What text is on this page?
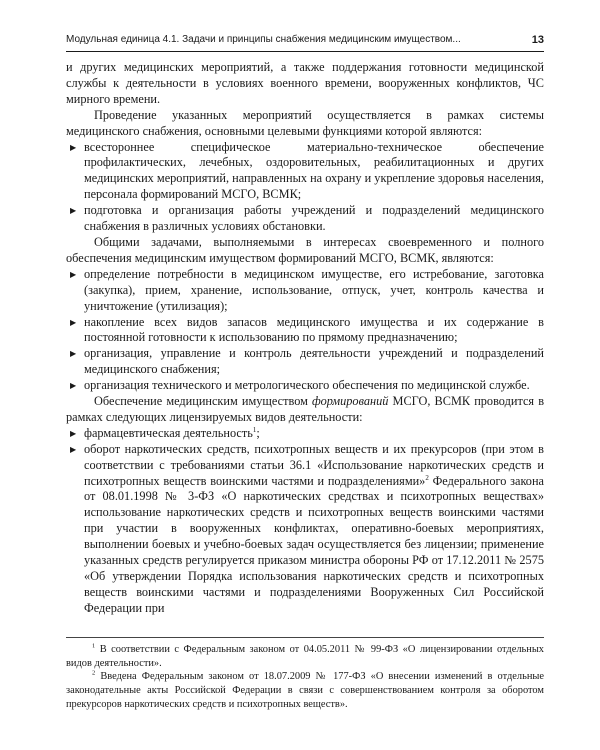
Модульная единица 4.1. Задачи и принципы снабжения медицинским имуществом...	13

и других медицинских мероприятий, а также поддержания готовности медицинской службы к деятельности в условиях военного времени, вооруженных конфликтов, ЧС мирного времени.

Проведение указанных мероприятий осуществляется в рамках системы медицинского снабжения, основными целевыми функциями которой являются:

▶
всестороннее специфическое материально-техническое обеспечение профилактических, лечебных, оздоровительных, реабилитационных и других медицинских мероприятий, направленных на охрану и укрепление здоровья населения, персонала формирований МСГО, ВСМК;
▶
подготовка и организация работы учреждений и подразделений медицинского снабжения в различных условиях обстановки.

Общими задачами, выполняемыми в интересах своевременного и полного обеспечения медицинским имуществом формирований МСГО, ВСМК, являются:

▶
определение потребности в медицинском имуществе, его истребование, заготовка (закупка), прием, хранение, использование, отпуск, учет, контроль качества и уничтожение (утилизация);
▶
накопление всех видов запасов медицинского имущества и их содержание в постоянной готовности к использованию по прямому предназначению;
▶
организация, управление и контроль деятельности учреждений и подразделений медицинского снабжения;
▶
организация технического и метрологического обеспечения по медицинской службе.

Обеспечение медицинским имуществом формирований МСГО, ВСМК проводится в рамках следующих лицензируемых видов деятельности:

▶
фармацевтическая деятельность$^1$;
▶
оборот наркотических средств, психотропных веществ и их прекурсоров (при этом в соответствии с требованиями статьи 36.1 «Использование наркотических средств и психотропных веществ воинскими частями и подразделениями»$^2$ Федерального закона от 08.01.1998 № 3-ФЗ «О наркотических средствах и психотропных веществах» использование наркотических средств и психотропных веществ воинскими частями при участии в вооруженных конфликтах, оперативно-боевых мероприятиях, выполнении боевых и учебно-боевых задач осуществляется без лицензии; применение указанных средств регулируется приказом министра обороны РФ от 17.12.2011 № 2575 «Об утверждении Порядка использования наркотических средств и психотропных веществ воинскими частями и подразделениями Вооруженных Сил Российской Федерации при

$^1$ В соответствии с Федеральным законом от 04.05.2011 № 99-ФЗ «О лицензировании отдельных видов деятельности».

$^2$ Введена Федеральным законом от 18.07.2009 № 177-ФЗ «О внесении изменений в отдельные законодательные акты Российской Федерации в связи с совершенствованием контроля за оборотом прекурсоров наркотических средств и психотропных веществ».
